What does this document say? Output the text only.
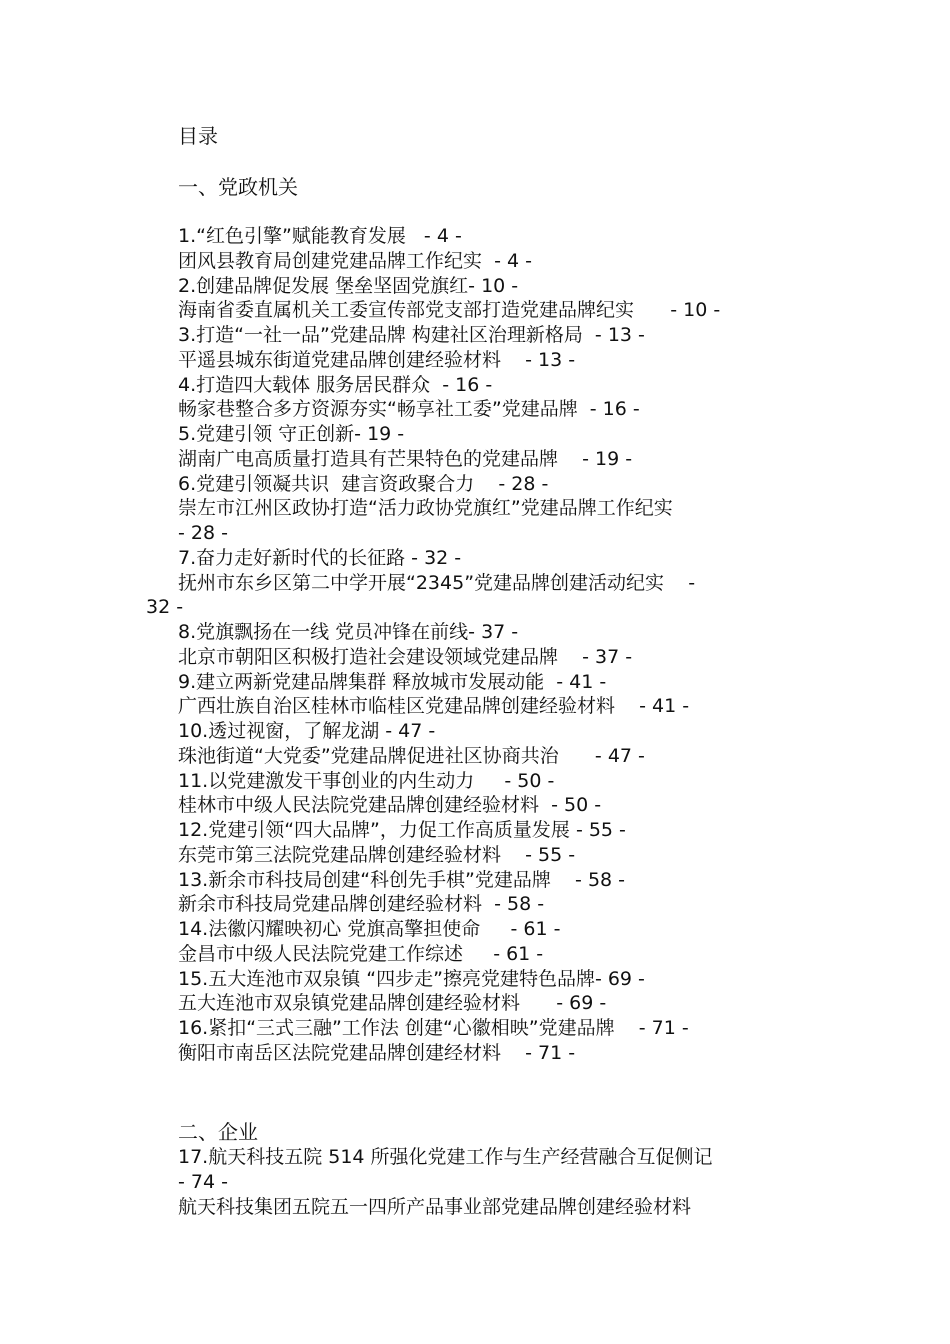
目录
一、党政机关
1.“红色引擎”赋能教育发展   - 4 -
团风县教育局创建党建品牌工作纪实  - 4 -
2.创建品牌促发展 堡垒坚固党旗红- 10 -
海南省委直属机关工委宣传部党支部打造党建品牌纪实      - 10 -
3.打造“一社一品”党建品牌 构建社区治理新格局  - 13 -
平遥县城东街道党建品牌创建经验材料    - 13 -
4.打造四大载体 服务居民群众  - 16 -
畅家巷整合多方资源夯实“畅享社工委”党建品牌  - 16 -
5.党建引领 守正创新- 19 -
湖南广电高质量打造具有芒果特色的党建品牌    - 19 -
6.党建引领凝共识  建言资政聚合力    - 28 -
崇左市江州区政协打造“活力政协党旗红”党建品牌工作纪实
- 28 -
7.奋力走好新时代的长征路 - 32 -
抚州市东乡区第二中学开展“2345”党建品牌创建活动纪实    -
32 -
8.党旗飘扬在一线 党员冲锋在前线- 37 -
北京市朝阳区积极打造社会建设领域党建品牌    - 37 -
9.建立两新党建品牌集群 释放城市发展动能  - 41 -
广西壮族自治区桂林市临桂区党建品牌创建经验材料    - 41 -
10.透过视窗，了解龙湖 - 47 -
珠池街道“大党委”党建品牌促进社区协商共治      - 47 -
11.以党建激发干事创业的内生动力     - 50 -
桂林市中级人民法院党建品牌创建经验材料  - 50 -
12.党建引领“四大品牌”，力促工作高质量发展 - 55 -
东莞市第三法院党建品牌创建经验材料    - 55 -
13.新余市科技局创建“科创先手棋”党建品牌    - 58 -
新余市科技局党建品牌创建经验材料  - 58 -
14.法徽闪耀映初心 党旗高擎担使命     - 61 -
金昌市中级人民法院党建工作综述     - 61 -
15.五大连池市双泉镇 “四步走”擦亮党建特色品牌- 69 -
五大连池市双泉镇党建品牌创建经验材料      - 69 -
16.紧扣“三式三融”工作法 创建“心徽相映”党建品牌    - 71 -
衡阳市南岳区法院党建品牌创建经材料    - 71 -
二、企业
17.航天科技五院 514 所强化党建工作与生产经营融合互促侧记
- 74 -
航天科技集团五院五一四所产品事业部党建品牌创建经验材料
